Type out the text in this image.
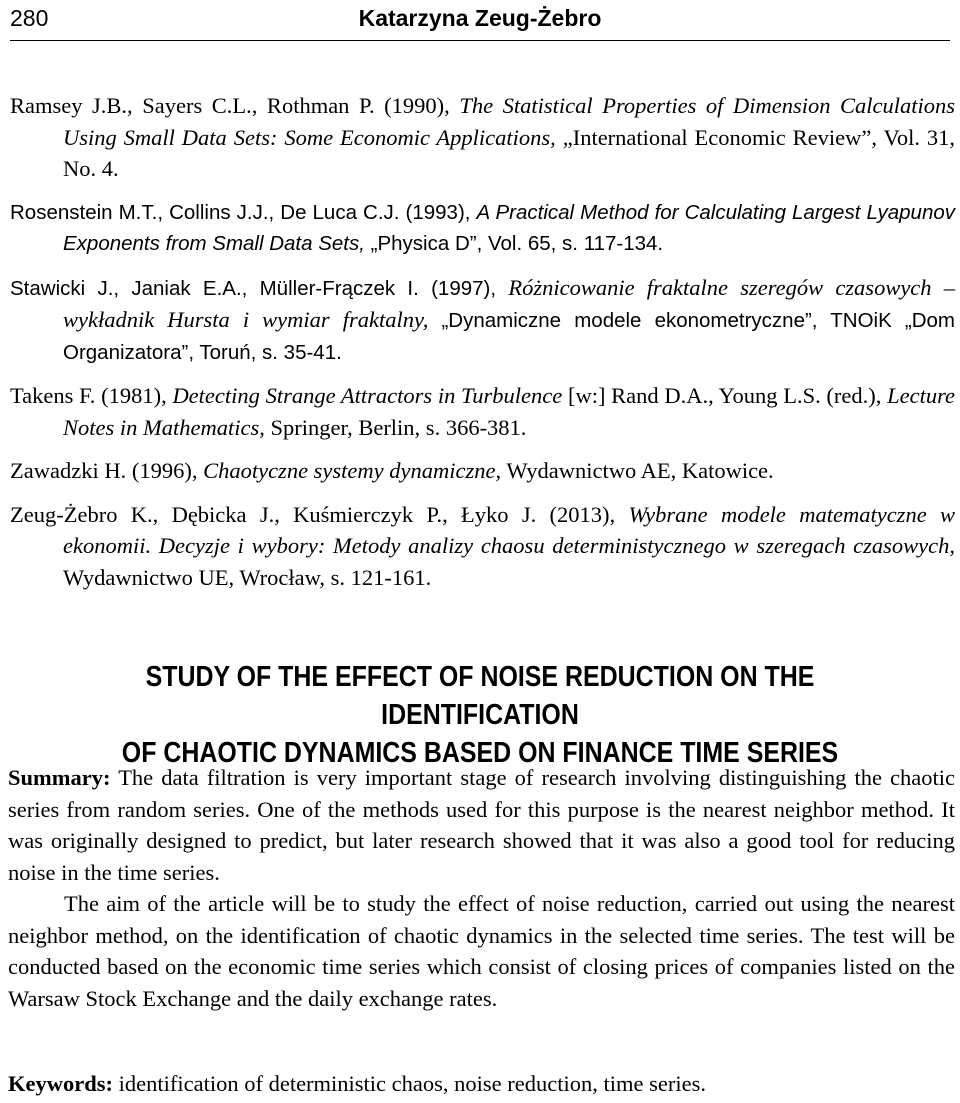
280	Katarzyna Zeug-Żebro
Ramsey J.B., Sayers C.L., Rothman P. (1990), The Statistical Properties of Dimension Calculations Using Small Data Sets: Some Economic Applications, „International Economic Review”, Vol. 31, No. 4.
Rosenstein M.T., Collins J.J., De Luca C.J. (1993), A Practical Method for Calculating Largest Lyapunov Exponents from Small Data Sets, „Physica D”, Vol. 65, s. 117-134.
Stawicki J., Janiak E.A., Müller-Frączek I. (1997), Różnicowanie fraktalne szeregów czasowych – wykładnik Hursta i wymiar fraktalny, „Dynamiczne modele ekonometryczne”, TNOiK „Dom Organizatora”, Toruń, s. 35-41.
Takens F. (1981), Detecting Strange Attractors in Turbulence [w:] Rand D.A., Young L.S. (red.), Lecture Notes in Mathematics, Springer, Berlin, s. 366-381.
Zawadzki H. (1996), Chaotyczne systemy dynamiczne, Wydawnictwo AE, Katowice.
Zeug-Żebro K., Dębicka J., Kuśmierczyk P., Łyko J. (2013), Wybrane modele matematyczne w ekonomii. Decyzje i wybory: Metody analizy chaosu deterministycznego w szeregach czasowych, Wydawnictwo UE, Wrocław, s. 121-161.
STUDY OF THE EFFECT OF NOISE REDUCTION ON THE IDENTIFICATION
OF CHAOTIC DYNAMICS BASED ON FINANCE TIME SERIES

Summary: The data filtration is very important stage of research involving distinguishing the chaotic series from random series. One of the methods used for this purpose is the nearest neighbor method. It was originally designed to predict, but later research showed that it was also a good tool for reducing noise in the time series.

The aim of the article will be to study the effect of noise reduction, carried out using the nearest neighbor method, on the identification of chaotic dynamics in the selected time series. The test will be conducted based on the economic time series which consist of closing prices of companies listed on the Warsaw Stock Exchange and the daily exchange rates.

Keywords: identification of deterministic chaos, noise reduction, time series.
